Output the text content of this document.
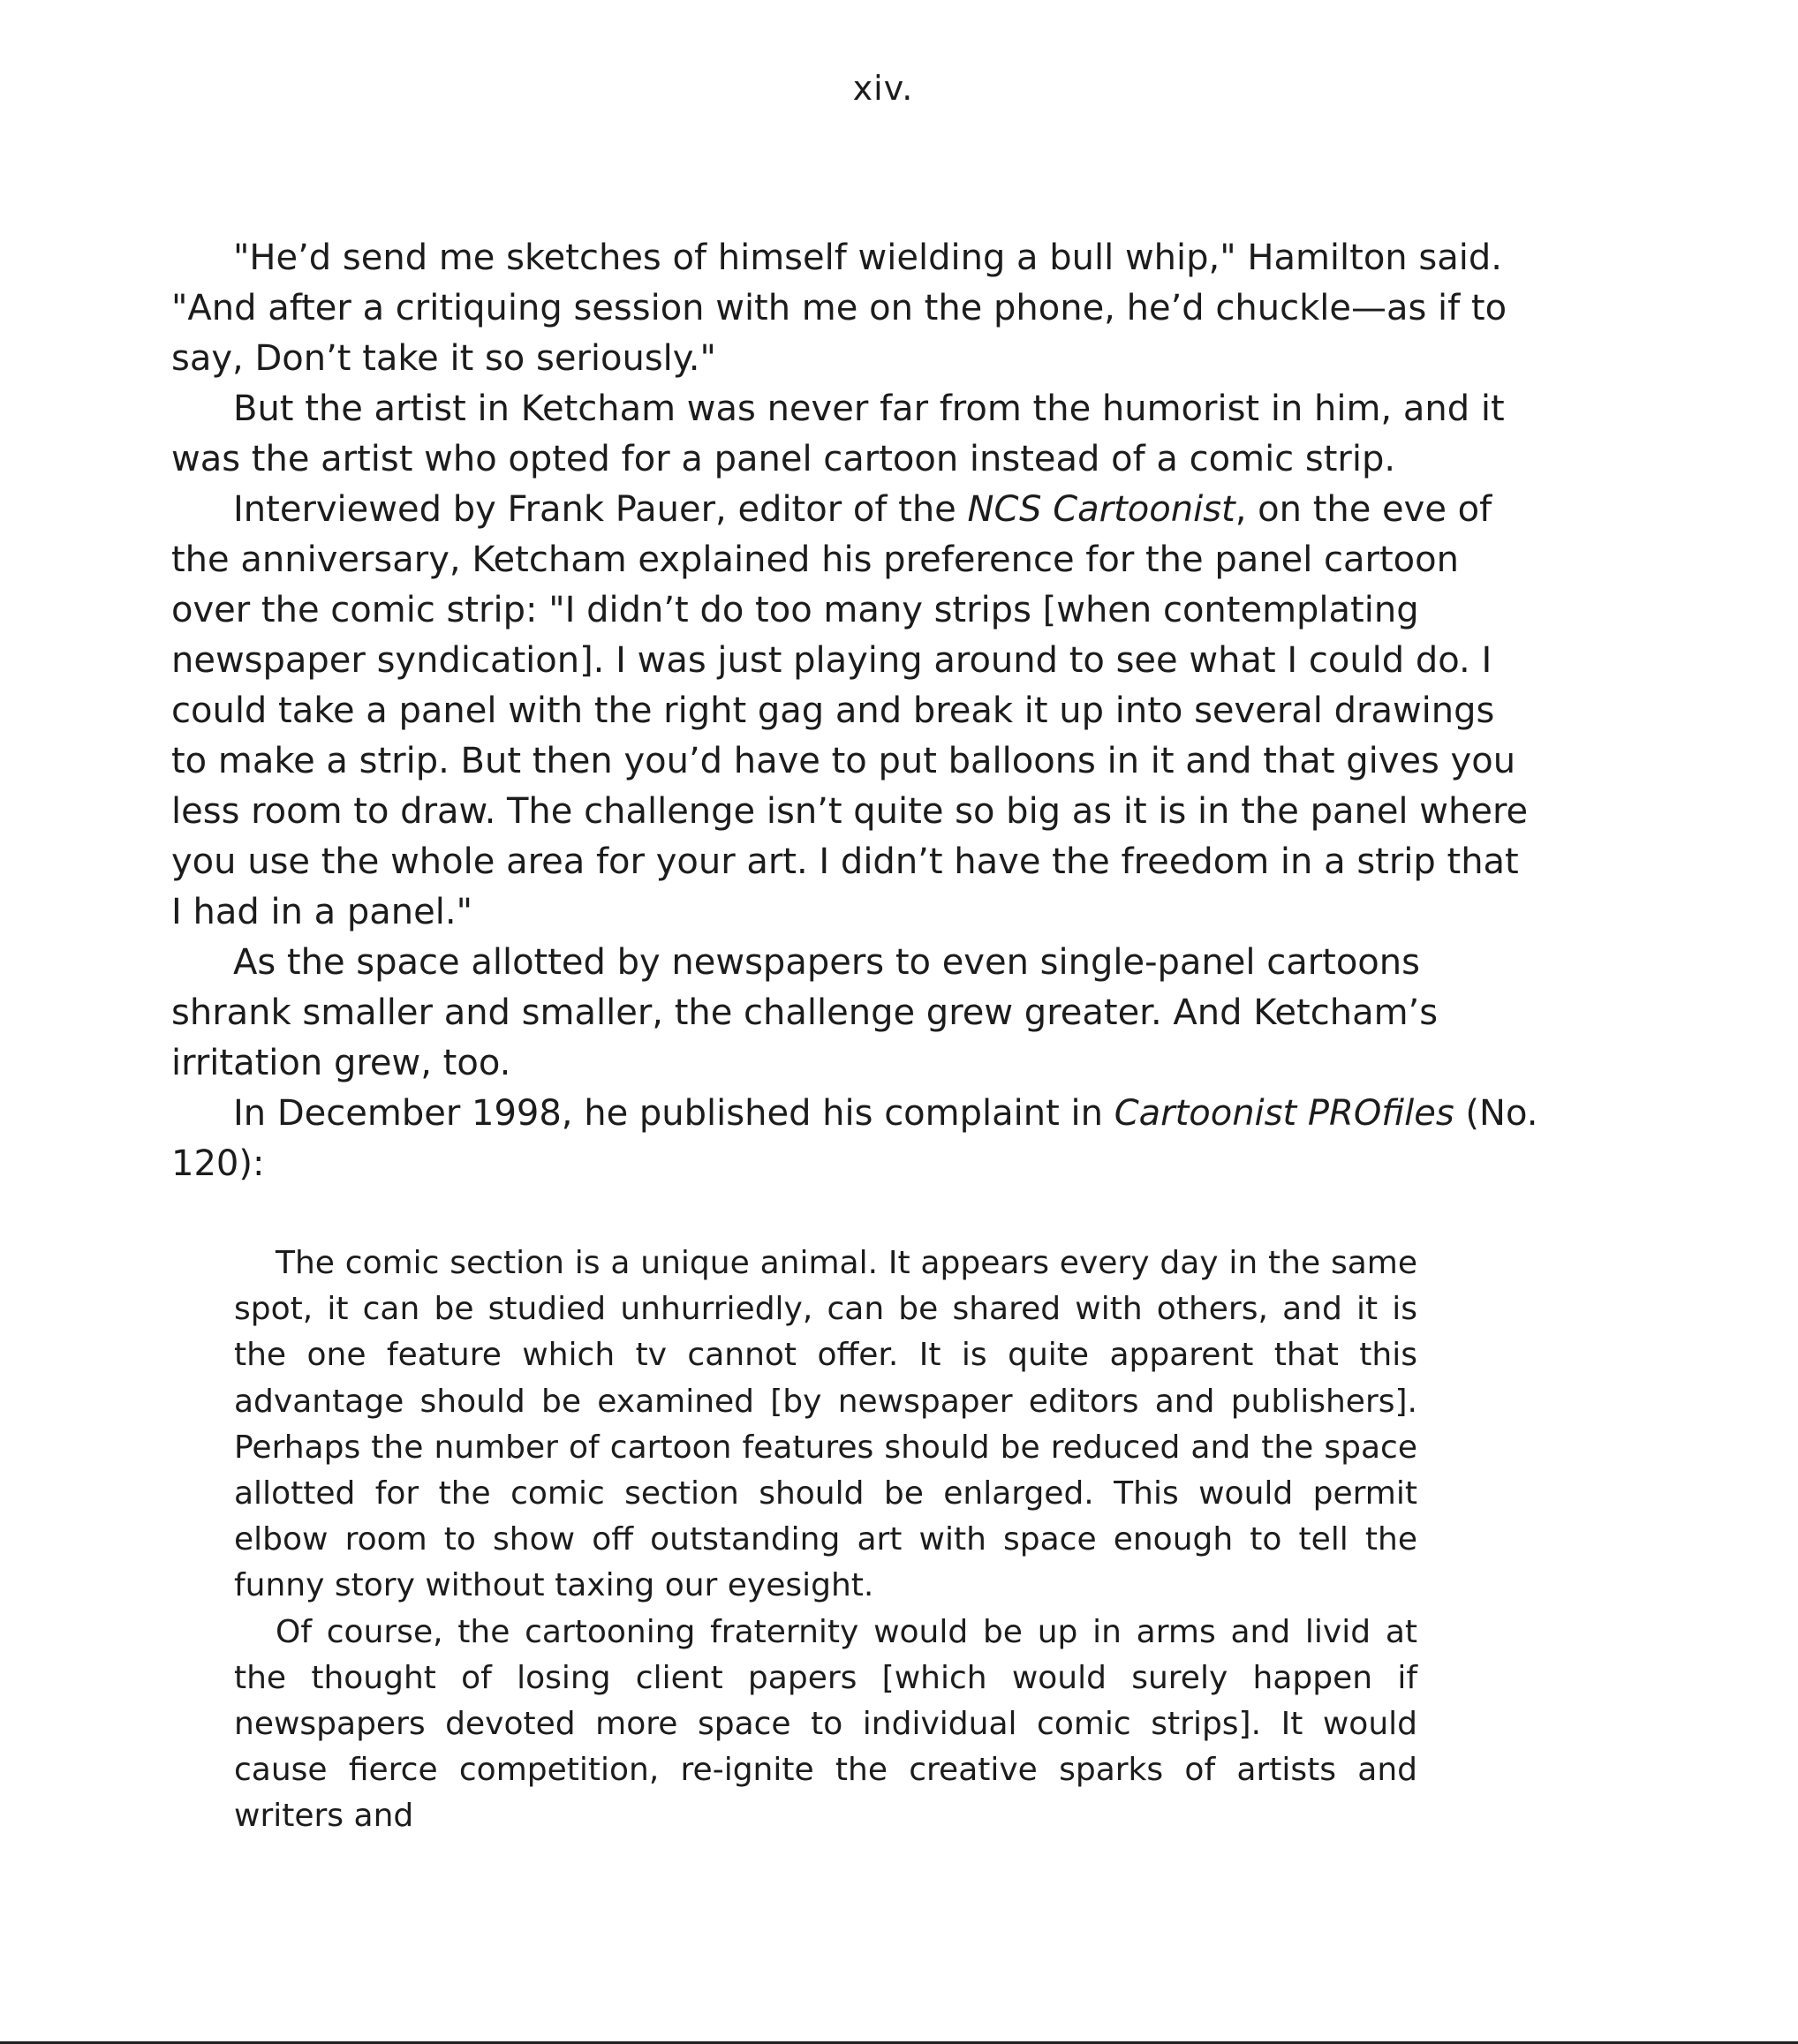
xiv.

"He’d send me sketches of himself wielding a bull whip," Hamilton said. "And after a critiquing session with me on the phone, he’d chuckle—as if to say, Don’t take it so seriously."

But the artist in Ketcham was never far from the humorist in him, and it was the artist who opted for a panel cartoon instead of a comic strip.

Interviewed by Frank Pauer, editor of the NCS Cartoonist, on the eve of the anniversary, Ketcham explained his preference for the panel cartoon over the comic strip: "I didn’t do too many strips [when contemplating newspaper syndication]. I was just playing around to see what I could do. I could take a panel with the right gag and break it up into several drawings to make a strip. But then you’d have to put balloons in it and that gives you less room to draw. The challenge isn’t quite so big as it is in the panel where you use the whole area for your art. I didn’t have the freedom in a strip that I had in a panel."

As the space allotted by newspapers to even single-panel cartoons shrank smaller and smaller, the challenge grew greater. And Ketcham’s irritation grew, too.

In December 1998, he published his complaint in Cartoonist PROfiles (No. 120):

The comic section is a unique animal. It appears every day in the same spot, it can be studied unhurriedly, can be shared with others, and it is the one feature which tv cannot offer. It is quite apparent that this advantage should be examined [by newspaper editors and publishers]. Perhaps the number of cartoon features should be reduced and the space allotted for the comic section should be enlarged. This would permit elbow room to show off outstanding art with space enough to tell the funny story without taxing our eyesight.

Of course, the cartooning fraternity would be up in arms and livid at the thought of losing client papers [which would surely happen if newspapers devoted more space to individual comic strips]. It would cause fierce competition, re-ignite the creative sparks of artists and writers and
